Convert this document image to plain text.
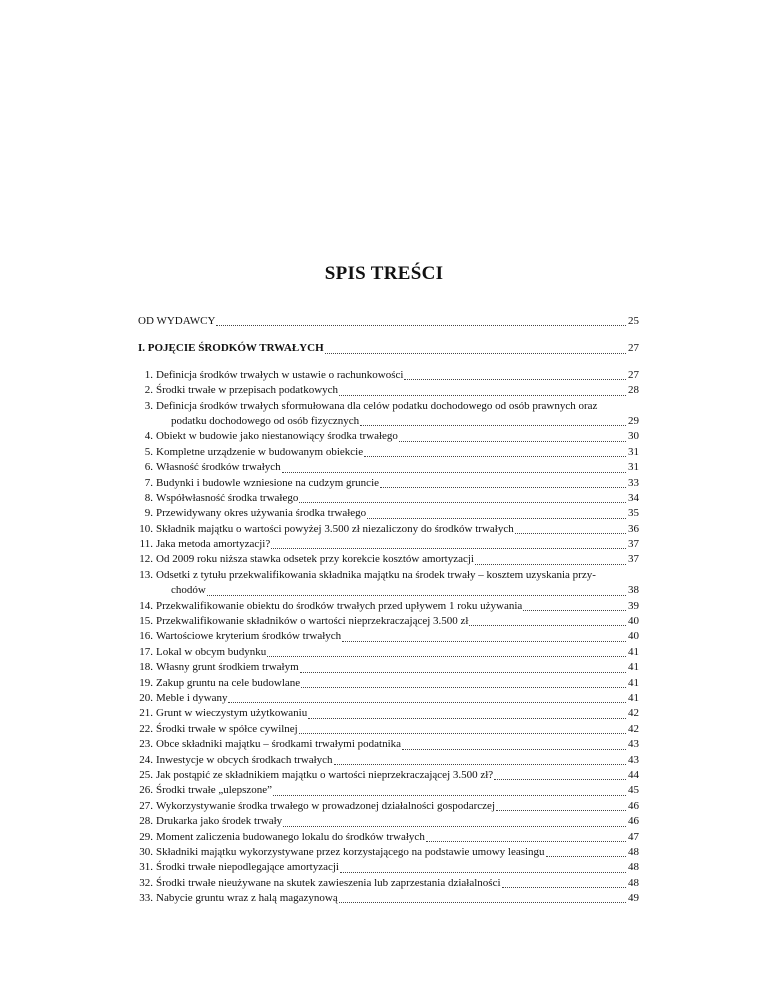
SPIS TREŚCI
OD WYDAWCY	25
I. POJĘCIE ŚRODKÓW TRWAŁYCH	27
1. Definicja środków trwałych w ustawie o rachunkowości	27
2. Środki trwałe w przepisach podatkowych	28
3. Definicja środków trwałych sformułowana dla celów podatku dochodowego od osób prawnych oraz
podatku dochodowego od osób fizycznych	29
4. Obiekt w budowie jako niestanowiący środka trwałego	30
5. Kompletne urządzenie w budowanym obiekcie	31
6. Własność środków trwałych	31
7. Budynki i budowle wzniesione na cudzym gruncie	33
8. Współwłasność środka trwałego	34
9. Przewidywany okres używania środka trwałego	35
10. Składnik majątku o wartości powyżej 3.500 zł niezaliczony do środków trwałych	36
11. Jaka metoda amortyzacji?	37
12. Od 2009 roku niższa stawka odsetek przy korekcie kosztów amortyzacji	37
13. Odsetki z tytułu przekwalifikowania składnika majątku na środek trwały – kosztem uzyskania przy-
chodów	38
14. Przekwalifikowanie obiektu do środków trwałych przed upływem 1 roku używania	39
15. Przekwalifikowanie składników o wartości nieprzekraczającej 3.500 zł	40
16. Wartościowe kryterium środków trwałych	40
17. Lokal w obcym budynku	41
18. Własny grunt środkiem trwałym	41
19. Zakup gruntu na cele budowlane	41
20. Meble i dywany	41
21. Grunt w wieczystym użytkowaniu	42
22. Środki trwałe w spółce cywilnej	42
23. Obce składniki majątku – środkami trwałymi podatnika	43
24. Inwestycje w obcych środkach trwałych	43
25. Jak postąpić ze składnikiem majątku o wartości nieprzekraczającej 3.500 zł?	44
26. Środki trwałe „ulepszone”	45
27. Wykorzystywanie środka trwałego w prowadzonej działalności gospodarczej	46
28. Drukarka jako środek trwały	46
29. Moment zaliczenia budowanego lokalu do środków trwałych	47
30. Składniki majątku wykorzystywane przez korzystającego na podstawie umowy leasingu	48
31. Środki trwałe niepodlegające amortyzacji	48
32. Środki trwałe nieużywane na skutek zawieszenia lub zaprzestania działalności	48
33. Nabycie gruntu wraz z halą magazynową	49
